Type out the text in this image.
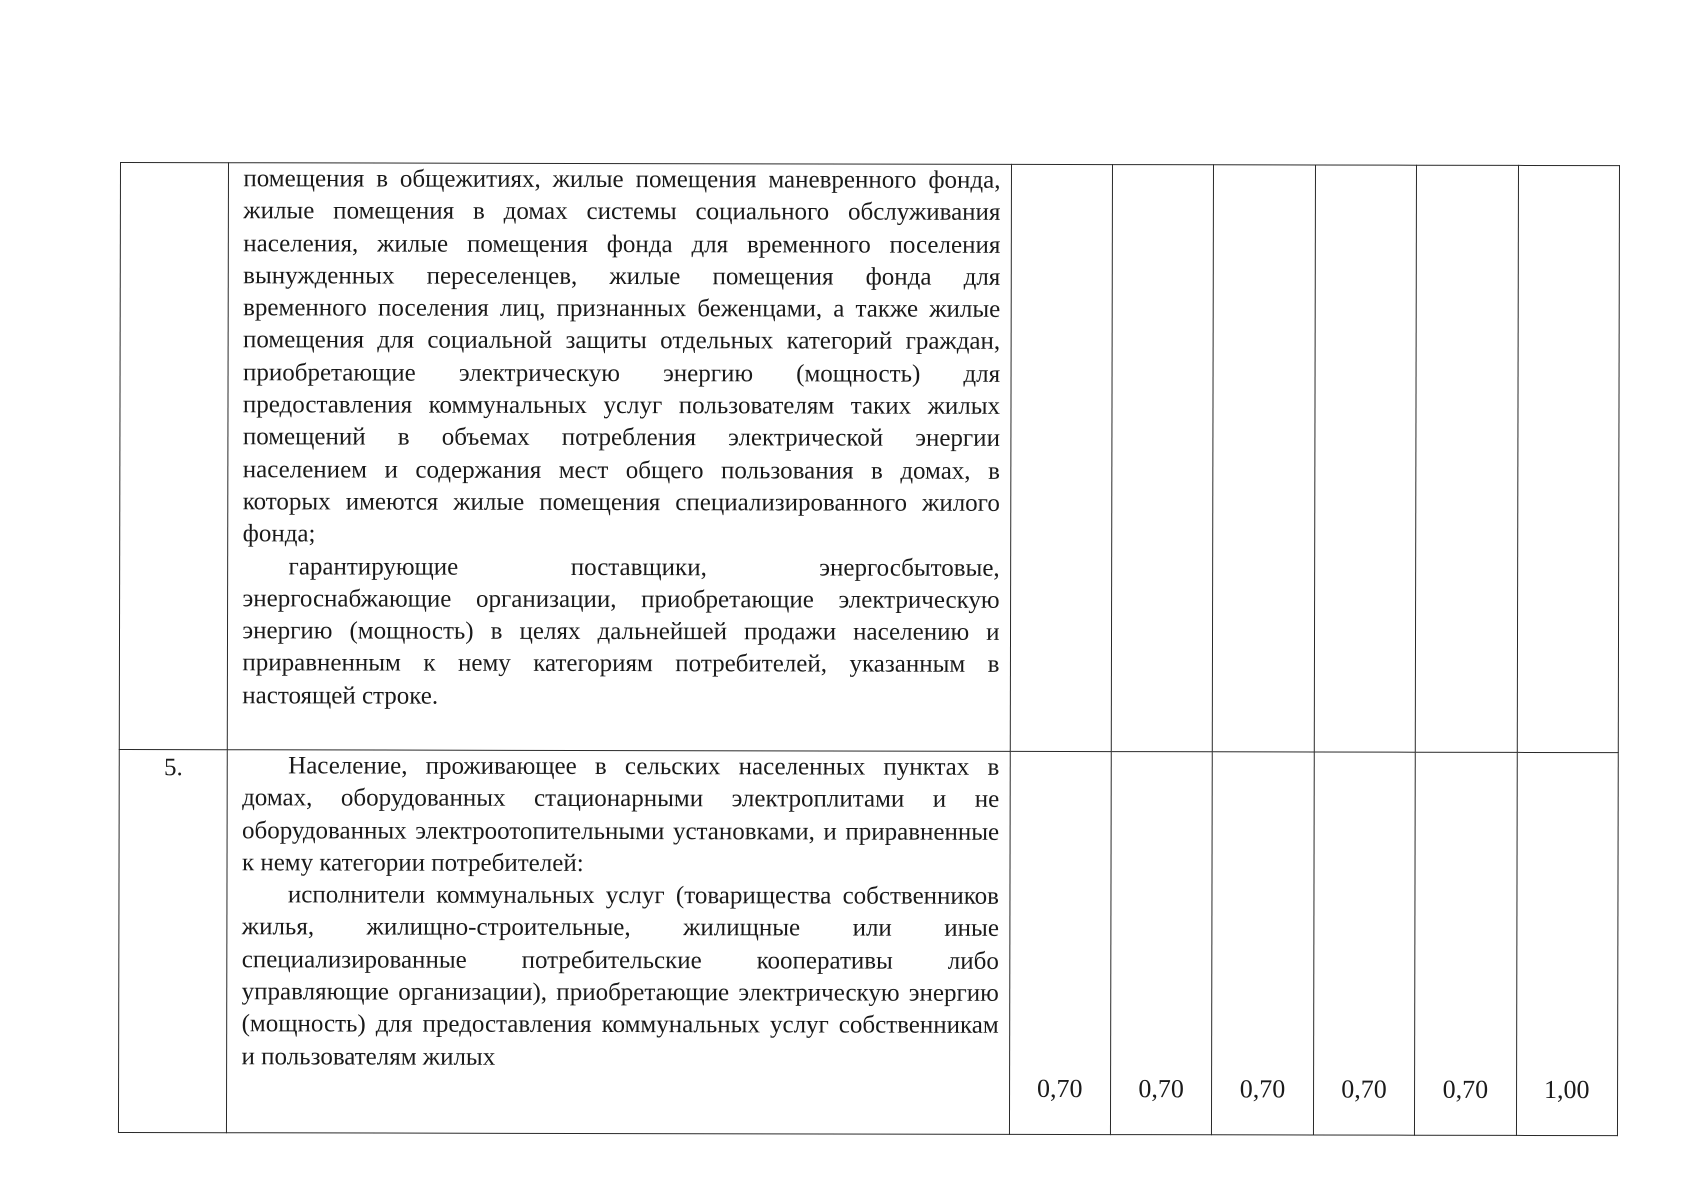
	помещения в общежитиях, жилые помещения маневренного фонда, жилые помещения в домах системы социального обслуживания населения, жилые помещения фонда для временного поселения вынужденных переселенцев, жилые помещения фонда для временного поселения лиц, признанных беженцами, а также жилые помещения для социальной защиты отдельных категорий граждан, приобретающие электрическую энергию (мощность) для предоставления коммунальных услуг пользователям таких жилых помещений в объемах потребления электрической энергии населением и содержания мест общего пользования в домах, в которых имеются жилые помещения специализированного жилого фонда;

гарантирующие поставщики, энергосбытовые, энергоснабжающие организации, приобретающие электрическую энергию (мощность) в целях дальнейшей продажи населению и приравненным к нему категориям потребителей, указанным в настоящей строке.						

5.	Население, проживающее в сельских населенных пунктах в домах, оборудованных стационарными электроплитами и не оборудованных электроотопительными установками, и приравненные к нему категории потребителей:

исполнители коммунальных услуг (товарищества собственников жилья, жилищно-строительные, жилищные или иные специализированные потребительские кооперативы либо управляющие организации), приобретающие электрическую энергию (мощность) для предоставления коммунальных услуг собственникам и пользователям жилых	0,70	0,70	0,70	0,70	0,70	1,00
